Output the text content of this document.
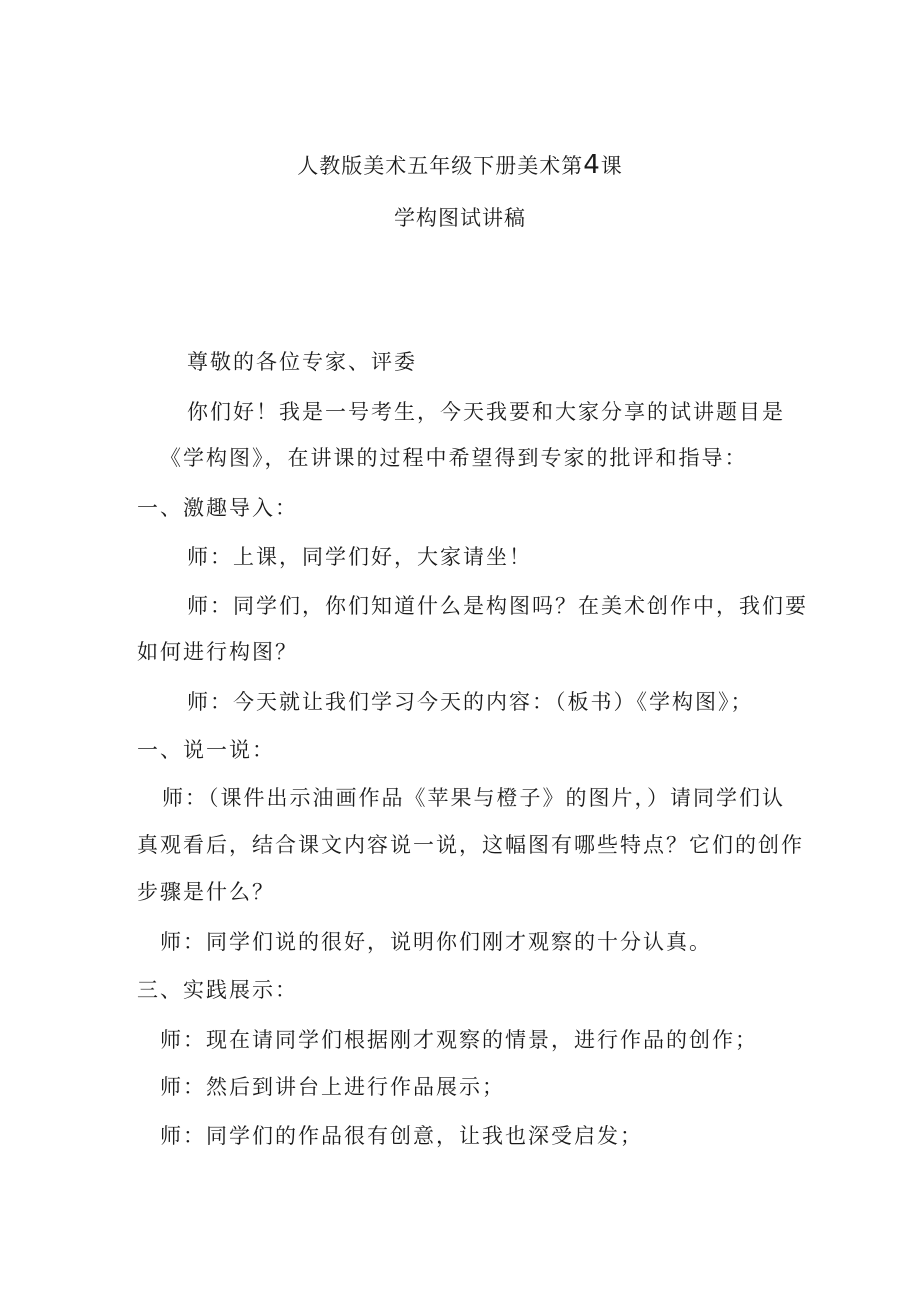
人教版美术五年级下册美术第4课
学构图试讲稿
尊敬的各位专家、评委
你们好！我是一号考生，今天我要和大家分享的试讲题目是
《学构图》，在讲课的过程中希望得到专家的批评和指导：
一、激趣导入：
师：上课，同学们好，大家请坐！
师：同学们，你们知道什么是构图吗？在美术创作中，我们要
如何进行构图？
师：今天就让我们学习今天的内容：（板书）《学构图》；
一、说一说：
师：（课件出示油画作品《苹果与橙子》的图片，）请同学们认
真观看后，结合课文内容说一说，这幅图有哪些特点？它们的创作
步骤是什么？
师：同学们说的很好，说明你们刚才观察的十分认真。
三、实践展示：
师：现在请同学们根据刚才观察的情景，进行作品的创作；
师：然后到讲台上进行作品展示；
师：同学们的作品很有创意，让我也深受启发；
